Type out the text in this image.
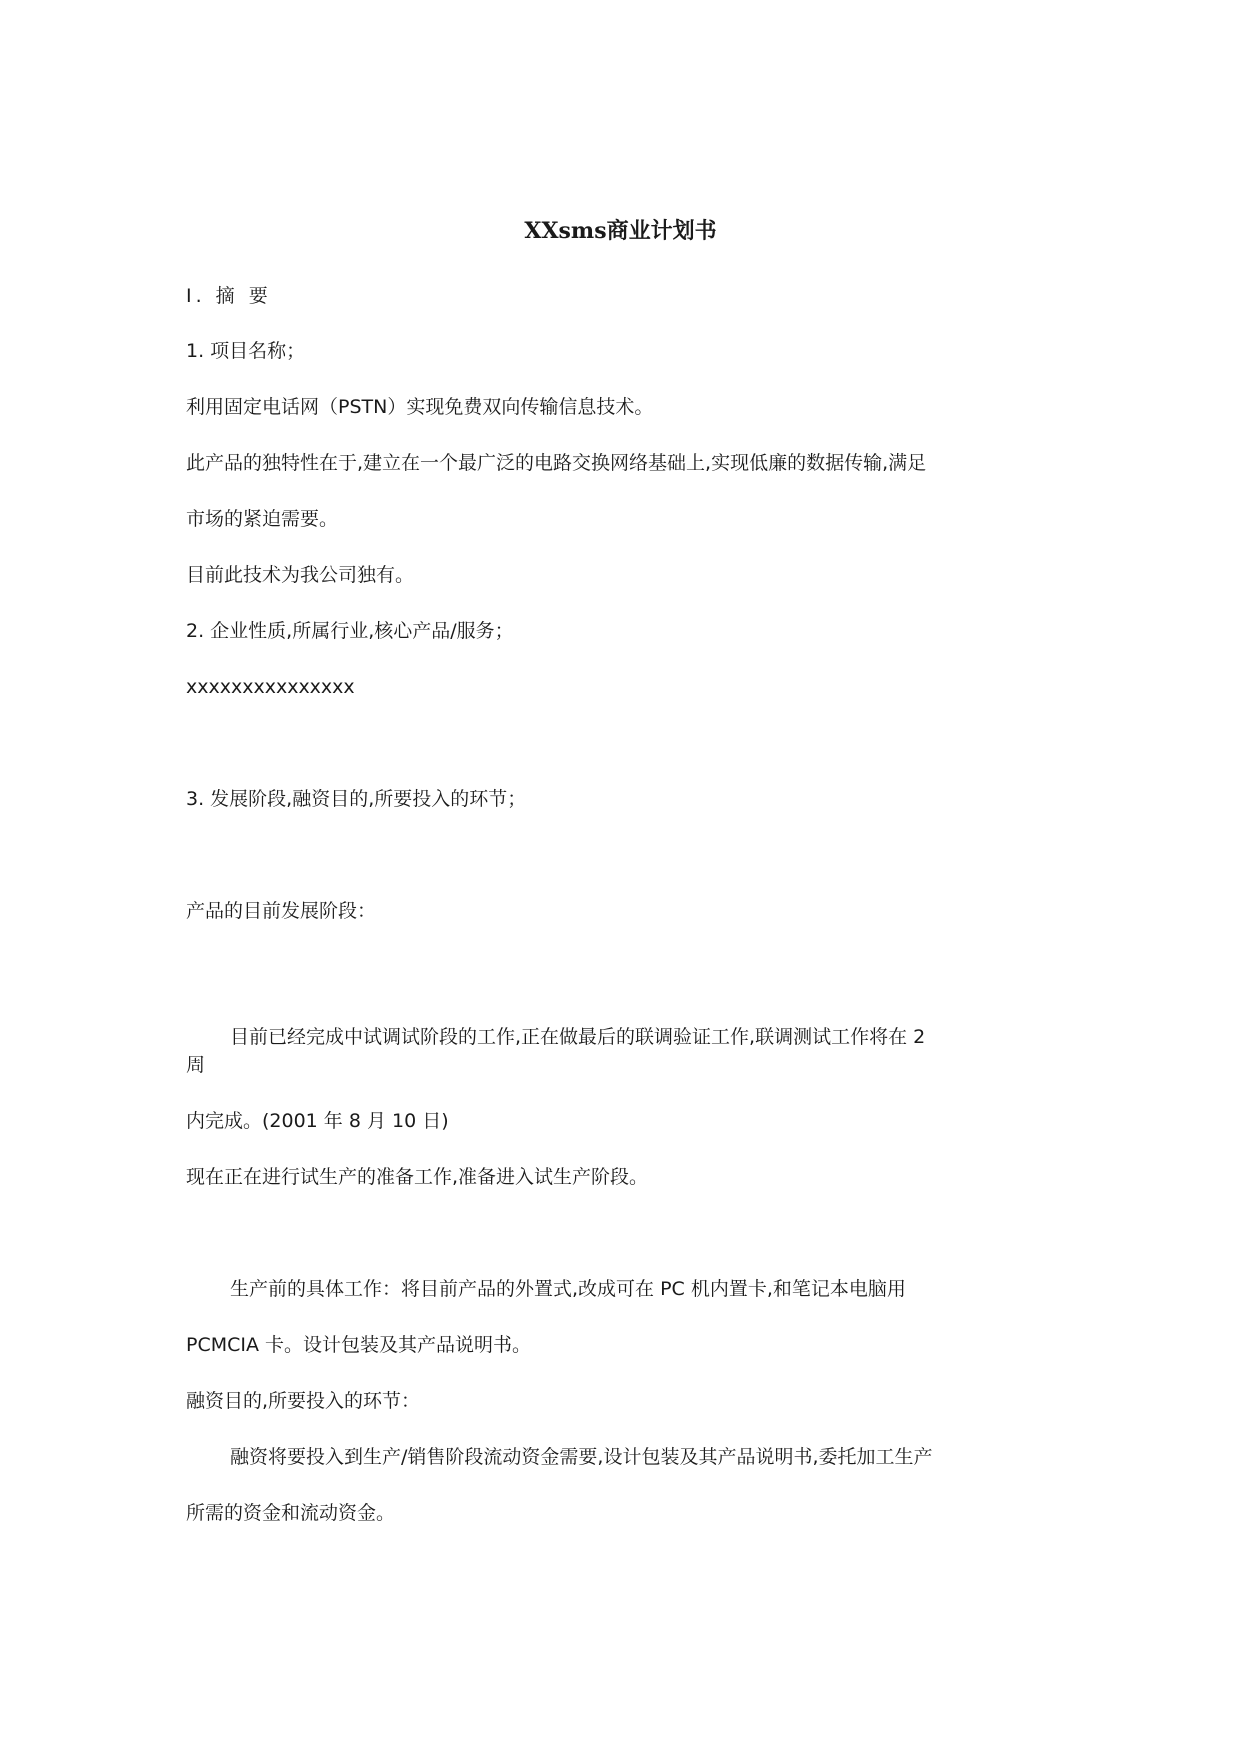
XXsms商业计划书

I. 摘 要

1. 项目名称；

利用固定电话网（PSTN）实现免费双向传输信息技术。

此产品的独特性在于,建立在一个最广泛的电路交换网络基础上,实现低廉的数据传输,满足

市场的紧迫需要。

目前此技术为我公司独有。

2. 企业性质,所属行业,核心产品/服务；

xxxxxxxxxxxxxxx

3. 发展阶段,融资目的,所要投入的环节；

产品的目前发展阶段：

目前已经完成中试调试阶段的工作,正在做最后的联调验证工作,联调测试工作将在 2

周

内完成。(2001 年 8 月 10 日)

现在正在进行试生产的准备工作,准备进入试生产阶段。

生产前的具体工作：将目前产品的外置式,改成可在 PC 机内置卡,和笔记本电脑用

PCMCIA 卡。设计包装及其产品说明书。

融资目的,所要投入的环节：

融资将要投入到生产/销售阶段流动资金需要,设计包装及其产品说明书,委托加工生产

所需的资金和流动资金。
